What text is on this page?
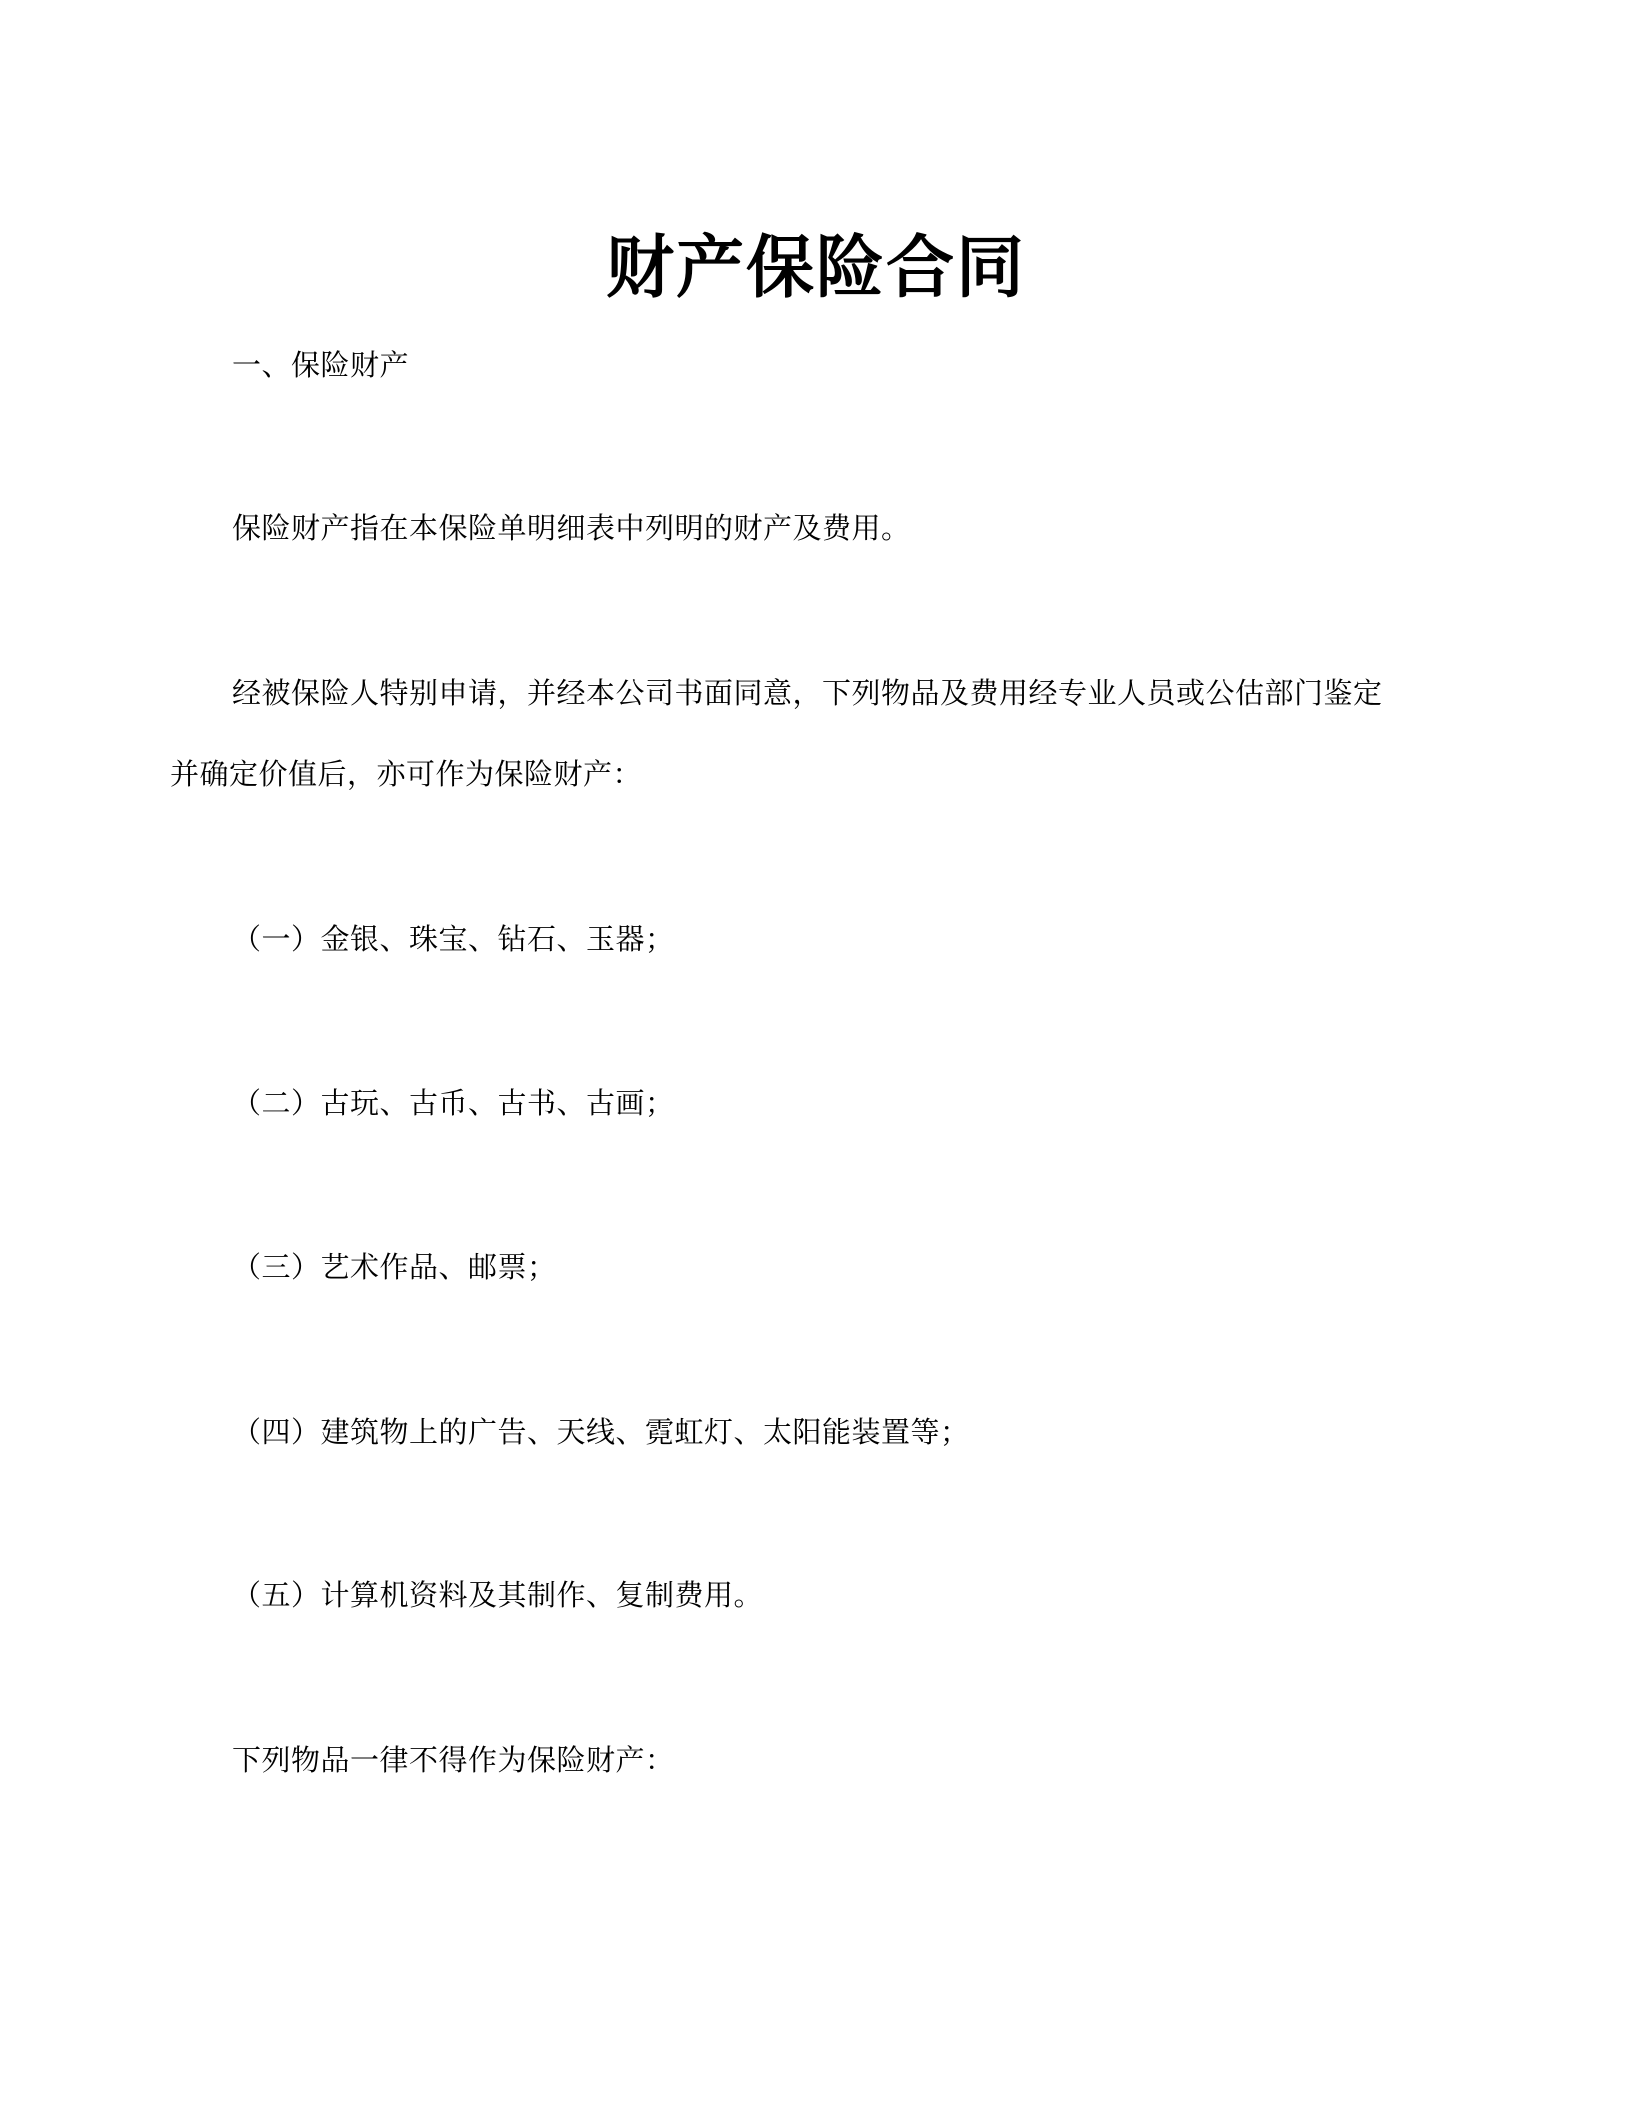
财产保险合同
一、保险财产
保险财产指在本保险单明细表中列明的财产及费用。
经被保险人特别申请，并经本公司书面同意，下列物品及费用经专业人员或公估部门鉴定
并确定价值后，亦可作为保险财产：
（一）金银、珠宝、钻石、玉器；
（二）古玩、古币、古书、古画；
（三）艺术作品、邮票；
（四）建筑物上的广告、天线、霓虹灯、太阳能装置等；
（五）计算机资料及其制作、复制费用。
下列物品一律不得作为保险财产：
